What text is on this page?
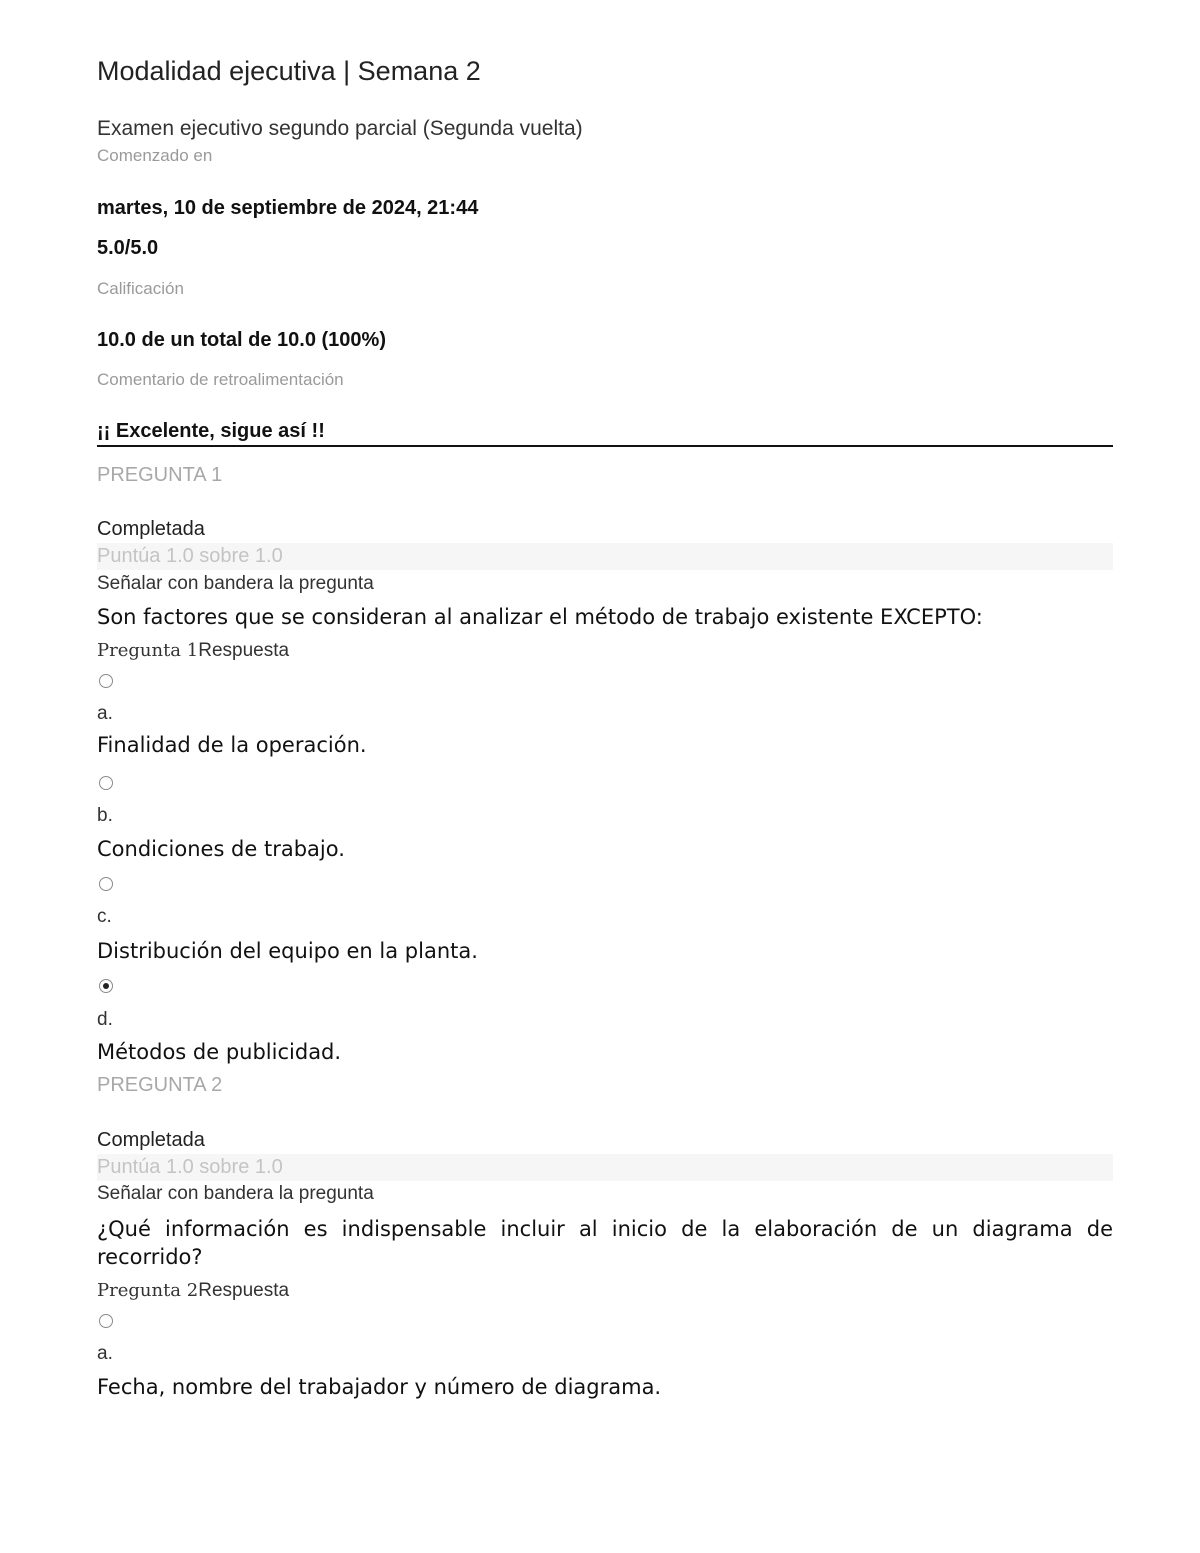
Modalidad ejecutiva | Semana 2
Examen ejecutivo segundo parcial (Segunda vuelta)
Comenzado en
martes, 10 de septiembre de 2024, 21:44
5.0/5.0
Calificación
10.0 de un total de 10.0 (100%)
Comentario de retroalimentación
¡¡ Excelente, sigue así !!
PREGUNTA 1
Completada
Puntúa 1.0 sobre 1.0
Señalar con bandera la pregunta
Son factores que se consideran al analizar el método de trabajo existente EXCEPTO:
Pregunta 1Respuesta
a.
Finalidad de la operación.
b.
Condiciones de trabajo.
c.
Distribución del equipo en la planta.
d.
Métodos de publicidad.
PREGUNTA 2
Completada
Puntúa 1.0 sobre 1.0
Señalar con bandera la pregunta
¿Qué información es indispensable incluir al inicio de la elaboración de un diagrama de recorrido?
Pregunta 2Respuesta
a.
Fecha, nombre del trabajador y número de diagrama.
